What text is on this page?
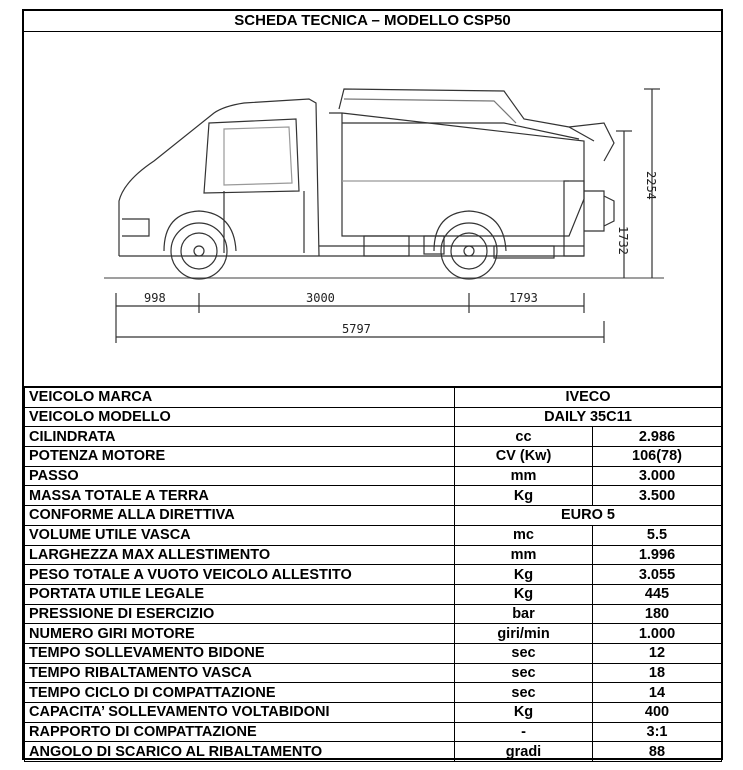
SCHEDA TECNICA – MODELLO CSP50
998	3000	1793
5797
1732
2254
VEICOLO MARCA	IVECO	
VEICOLO MODELLO	DAILY 35C11	
CILINDRATA	cc	2.986
POTENZA MOTORE	CV (Kw)	106(78)
PASSO	mm	3.000
MASSA TOTALE A TERRA	Kg	3.500
CONFORME ALLA DIRETTIVA	EURO 5	
VOLUME UTILE VASCA	mc	5.5
LARGHEZZA MAX ALLESTIMENTO	mm	1.996
PESO TOTALE A VUOTO VEICOLO ALLESTITO	Kg	3.055
PORTATA UTILE LEGALE	Kg	445
PRESSIONE DI ESERCIZIO	bar	180
NUMERO GIRI MOTORE	giri/min	1.000
TEMPO SOLLEVAMENTO BIDONE	sec	12
TEMPO RIBALTAMENTO VASCA	sec	18
TEMPO CICLO DI COMPATTAZIONE	sec	14
CAPACITA’ SOLLEVAMENTO VOLTABIDONI	Kg	400
RAPPORTO DI COMPATTAZIONE	-	3:1
ANGOLO DI SCARICO AL RIBALTAMENTO	gradi	88
